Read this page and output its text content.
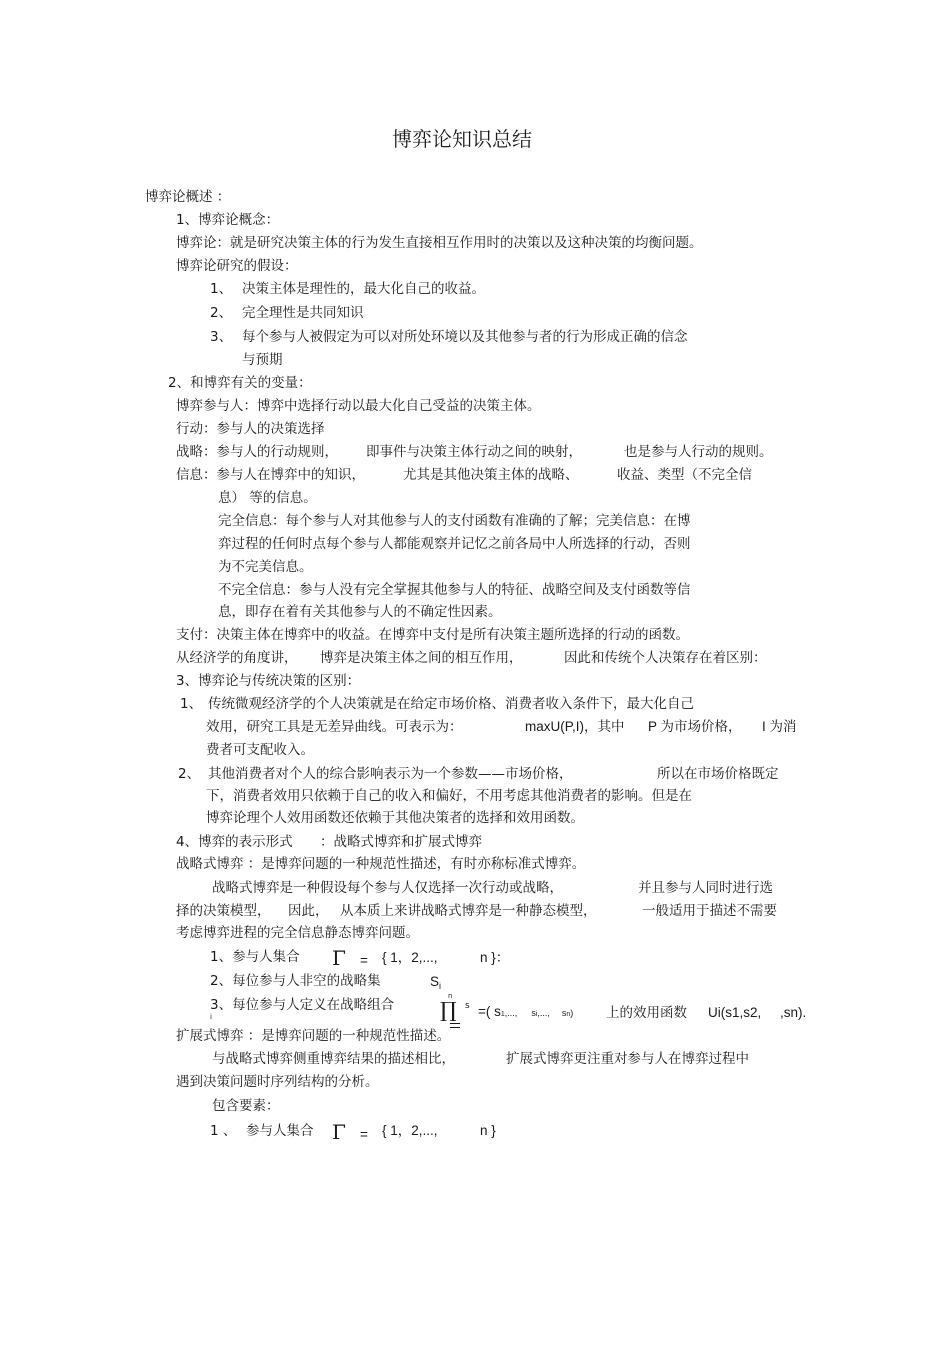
博弈论知识总结
博弈论概述 ：
1、博弈论概念：
博弈论：就是研究决策主体的行为发生直接相互作用时的决策以及这种决策的均衡问题。
博弈论研究的假设：
1、 决策主体是理性的，最大化自己的收益。
2、 完全理性是共同知识
3、 每个参与人被假定为可以对所处环境以及其他参与者的行为形成正确的信念
与预期
2、和博弈有关的变量：
博弈参与人：博弈中选择行动以最大化自己受益的决策主体。
行动：参与人的决策选择
战略：参与人的行动规则， 即事件与决策主体行动之间的映射，	也是参与人行动的规则。
信息：参与人在博弈中的知识，	尤其是其他决策主体的战略、	收益、类型（不完全信
息） 等的信息。
完全信息：每个参与人对其他参与人的支付函数有准确的了解；完美信息：在博
弈过程的任何时点每个参与人都能观察并记忆之前各局中人所选择的行动，否则
为不完美信息。
不完全信息：参与人没有完全掌握其他参与人的特征、战略空间及支付函数等信
息，即存在着有关其他参与人的不确定性因素。
支付：决策主体在博弈中的收益。在博弈中支付是所有决策主题所选择的行动的函数。
从经济学的角度讲， 博弈是决策主体之间的相互作用，	因此和传统个人决策存在着区别：
3、博弈论与传统决策的区别：
1、 传统微观经济学的个人决策就是在给定市场价格、消费者收入条件下，最大化自己
效用，研究工具是无差异曲线。可表示为：	maxU(P,I)，其中 P 为市场价格， I 为消
费者可支配收入。
2、 其他消费者对个人的综合影响表示为一个参数——市场价格，	所以在市场价格既定
下，消费者效用只依赖于自己的收入和偏好，不用考虑其他消费者的影响。但是在
博弈论理个人效用函数还依赖于其他决策者的选择和效用函数。
4、博弈的表示形式 ：战略式博弈和扩展式博弈
战略式博弈 ：是博弈问题的一种规范性描述，有时亦称标准式博弈。
战略式博弈是一种假设每个参与人仅选择一次行动或战略，	并且参与人同时进行选
择的决策模型， 因此， 从本质上来讲战略式博弈是一种静态模型，	一般适用于描述不需要
考虑博弈进程的完全信息静态博弈问题。
1、参与人集合 Γ = { 1，2,...,	n }：
2、每位参与人非空的战略集	$S_i$
3、每位参与人定义在战略组合
n
∏
i
s =( s1,..., si,..., sn) 上的效用函数 Ui(s1,s2, ,sn).
扩展式博弈 ：是博弈问题的一种规范性描述。
与战略式博弈侧重博弈结果的描述相比，	扩展式博弈更注重对参与人在博弈过程中
遇到决策问题时序列结构的分析。
包含要素：
1 、 参与人集合 Γ = { 1，2,...,	n }
